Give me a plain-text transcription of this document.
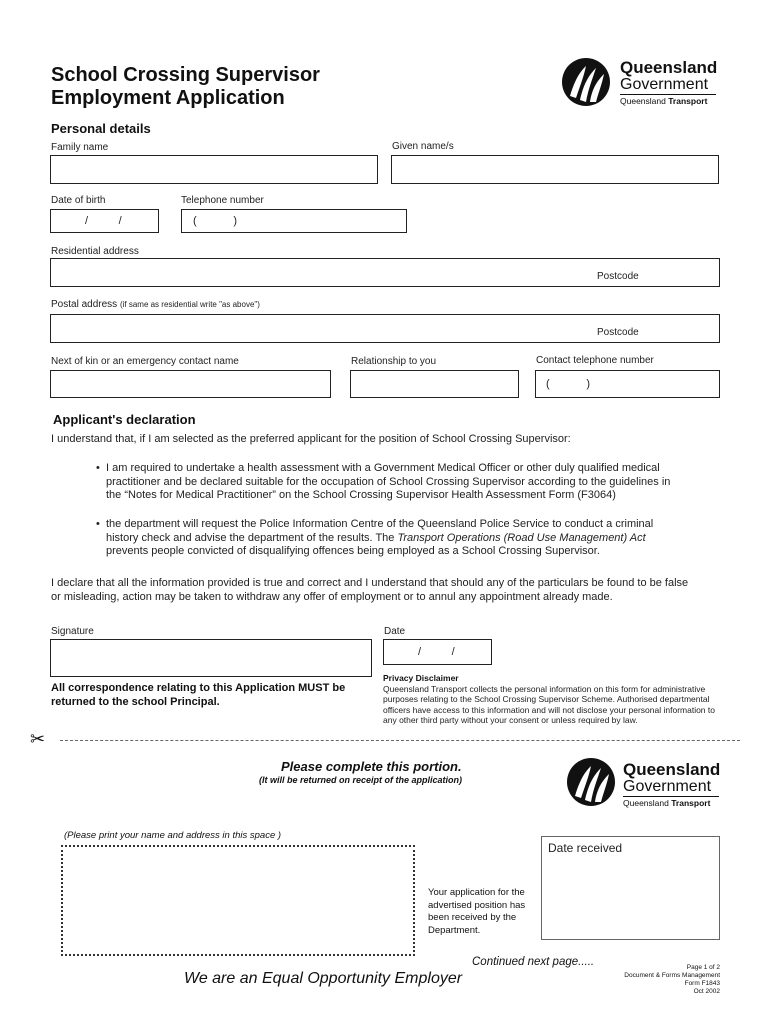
School Crossing Supervisor
Employment Application
Queensland
Government
Queensland Transport
Personal details
Family name	Given name/s
Date of birth
/          /
Telephone number
(            )
Residential address
Postcode
Postal address (if same as residential write "as above")
Postcode
Next of kin or an emergency contact name	Relationship to you	Contact telephone number
(            )
Applicant's declaration
I understand that, if I am selected as the preferred applicant for the position of School Crossing Supervisor:
• I am required to undertake a health assessment with a Government Medical Officer or other duly qualified medical practitioner and be declared suitable for the occupation of School Crossing Supervisor according to the guidelines in the “Notes for Medical Practitioner” on the School Crossing Supervisor Health Assessment Form (F3064)
• the department will request the Police Information Centre of the Queensland Police Service to conduct a criminal history check and advise the department of the results. The Transport Operations (Road Use Management) Act prevents people convicted of disqualifying offences being employed as a School Crossing Supervisor.
I declare that all the information provided is true and correct and I understand that should any of the particulars be found to be false or misleading, action may be taken to withdraw any offer of employment or to annul any appointment already made.
Signature	Date
/          /
All correspondence relating to this Application MUST be returned to the school Principal.
Privacy Disclaimer
Queensland Transport collects the personal information on this form for administrative purposes relating to the School Crossing Supervisor Scheme. Authorised departmental officers have access to this information and will not disclose your personal information to any other third party without your consent or unless required by law.
✂
Please complete this portion.
(It will be returned on receipt of the application)
Queensland
Government
Queensland Transport
(Please print your name and address in this space )
Your application for the advertised position has been received by the Department.
Date received
Continued next page.....
We are an Equal Opportunity Employer
Page 1 of 2
Document & Forms Management
Form F1843
Oct 2002
